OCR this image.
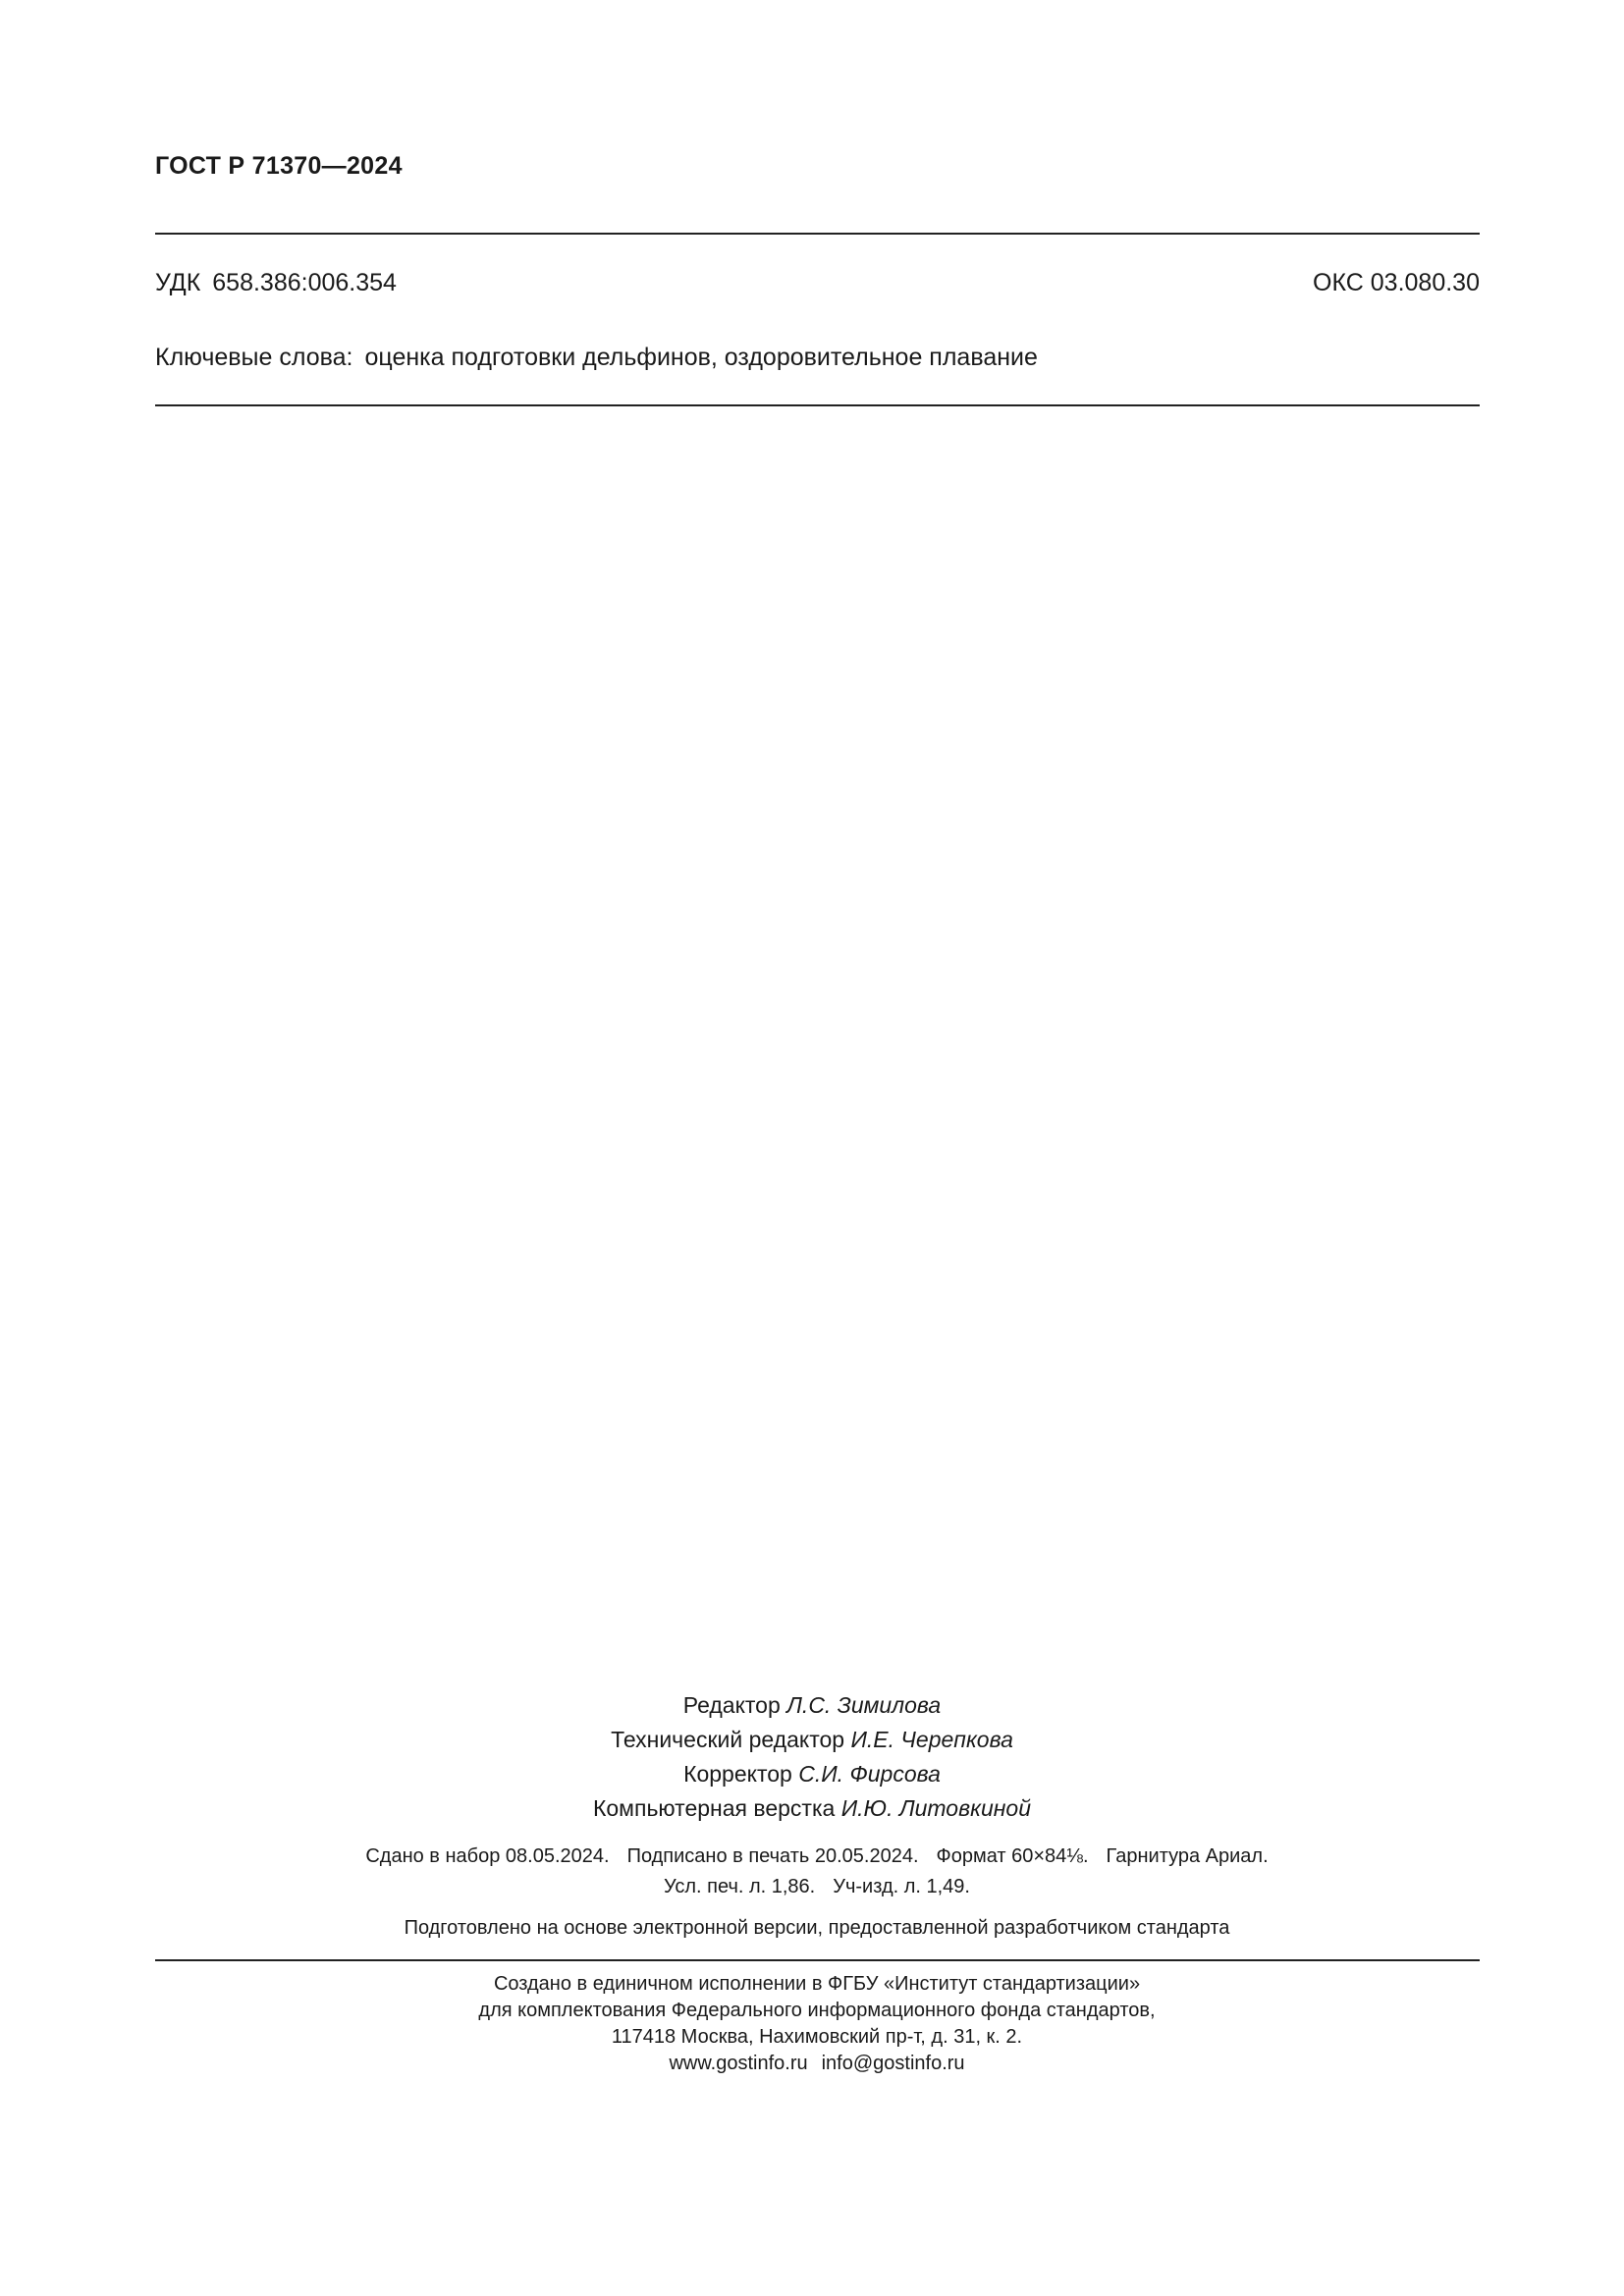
ГОСТ Р 71370—2024
УДК 658.386:006.354	ОКС 03.080.30
Ключевые слова: оценка подготовки дельфинов, оздоровительное плавание
Редактор Л.С. Зимилова
Технический редактор И.Е. Черепкова
Корректор С.И. Фирсова
Компьютерная верстка И.Ю. Литовкиной
Сдано в набор 08.05.2024. Подписано в печать 20.05.2024. Формат 60×84⅛. Гарнитура Ариал.
Усл. печ. л. 1,86. Уч-изд. л. 1,49.
Подготовлено на основе электронной версии, предоставленной разработчиком стандарта
Создано в единичном исполнении в ФГБУ «Институт стандартизации»
для комплектования Федерального информационного фонда стандартов,
117418 Москва, Нахимовский пр-т, д. 31, к. 2.
www.gostinfo.ru info@gostinfo.ru
